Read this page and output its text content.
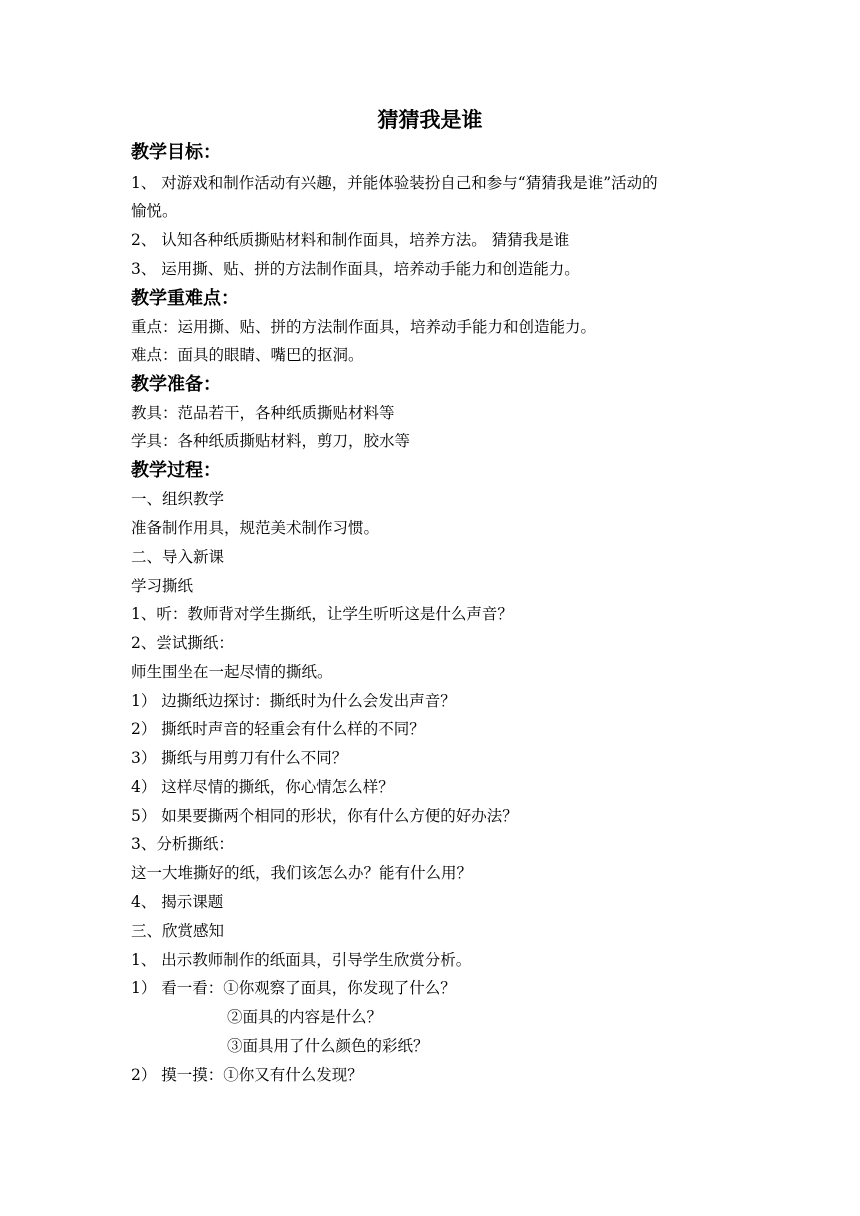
猜猜我是谁
教学目标：

1、 对游戏和制作活动有兴趣，并能体验装扮自己和参与“猜猜我是谁”活动的

愉悦。

2、 认知各种纸质撕贴材料和制作面具，培养方法。 猜猜我是谁

3、 运用撕、贴、拼的方法制作面具，培养动手能力和创造能力。

教学重难点：

重点：运用撕、贴、拼的方法制作面具，培养动手能力和创造能力。

难点：面具的眼睛、嘴巴的抠洞。

教学准备：

教具：范品若干，各种纸质撕贴材料等

学具：各种纸质撕贴材料，剪刀，胶水等

教学过程：

一、组织教学

准备制作用具，规范美术制作习惯。

二、导入新课

学习撕纸

1、听：教师背对学生撕纸，让学生听听这是什么声音？

2、尝试撕纸：

师生围坐在一起尽情的撕纸。

1） 边撕纸边探讨：撕纸时为什么会发出声音？

2） 撕纸时声音的轻重会有什么样的不同？

3） 撕纸与用剪刀有什么不同？

4） 这样尽情的撕纸，你心情怎么样？

5） 如果要撕两个相同的形状，你有什么方便的好办法？

3、分析撕纸：

这一大堆撕好的纸，我们该怎么办？能有什么用？

4、 揭示课题

三、欣赏感知

1、 出示教师制作的纸面具，引导学生欣赏分析。

1） 看一看：①你观察了面具，你发现了什么？

②面具的内容是什么？

③面具用了什么颜色的彩纸？

2） 摸一摸：①你又有什么发现？
